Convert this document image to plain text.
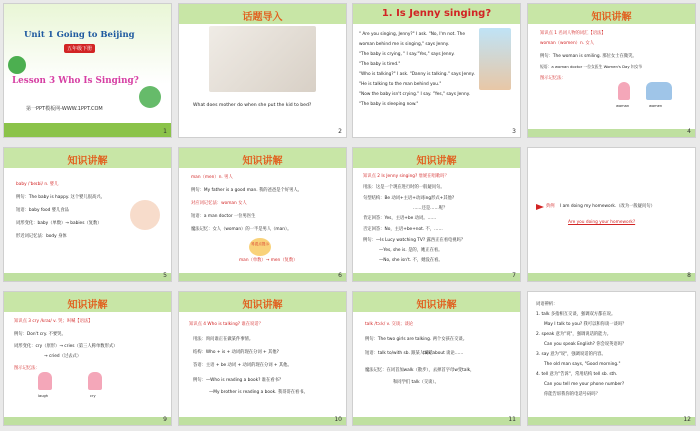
Unit 1 Going to Beijing
五年级下册
Lesson 3 Who Is Singing?
第一PPT模板网-WWW.1PPT.COM
1
话题导入
What does mother do when she put the kid to bed?
2
1. Is Jenny singing?
" Are you singing, Jenny?" I ask. "No, I'm not. The
woman behind me is singing," says Jenny.
"The baby is crying, " I say."Yes," says Jenny.
"The baby is tired."
"Who is talking?" I ask. "Danny is talking." says Jenny.
"He is talking to the man behind you."
"Now the baby isn't crying." I say. "Yes," says Jenny.
"The baby is sleeping now."
3
知识讲解
知识点 1 名词人物的词汇【语法】
woman（women）n. 女人
例句：The woman is smiling. 那位女士在微笑。
短语：a woman doctor 一位女医生 Women's Day 妇女节
图示记忆法：
woman	women
4
知识讲解
baby /ˈbeɪbi/ n. 婴儿
例句：The baby is happy. 这个婴儿很高兴。
短语：baby food 婴儿食品
词形变化：baby（单数）→ babies（复数）
形近词记忆法：body 身体
5
知识讲解
man（men）n. 男人
例句：My father is a good man. 我的爸爸是个好男人。
对应词记忆法：woman 女人
短语：a man doctor 一位男医生
魔法记忆：女人（woman）的一半是男人（man）。
易混点提示
man（单数）→ men（复数）
6
知识讲解
知识点 2 Is Jenny singing? 詹妮在唱歌吗？
用法：这是一个现在进行时的一般疑问句。
句型结构：Be 动词+主语+动词ing形式+其他?
……还是……呢？
肯定回答：Yes，主语+be 动词。……
否定回答：No，主语+be+not. 不，……
例句：—Is Lucy watching TV? 露西正在看电视吗？
—Yes, she is. 是的，她正在看。
—No, she isn't. 不，她没在看。
7
典例 I am doing my homework.（改为一般疑问句）
Are you doing your homework?
8
知识讲解
知识点 3 cry /kraɪ/ v. 哭；叫喊【语法】
例句：Don't cry. 不要哭。
词形变化：cry（原形）→ cries（第三人称单数形式）
→ cried（过去式）
图示记忆法：
laugh	cry
9
知识讲解
知识点 4 Who is talking? 谁在说话？
用法：询问谁正在做某件事情。
结构：Who + is + 动词的现在分词 + 其他?
答语：主语 + be 动词 + 动词的现在分词 + 其他。
例句：—Who is reading a book? 谁在看书？
—My brother is reading a book. 我哥哥在看书。
10
知识讲解
talk /tɔːk/ v. 交谈；谈论
例句：The two girls are talking. 两个女孩在交谈。
短语：talk to/with sb. 跟某人说话
talk about 谈论……
魔法记忆：在词首加walk（散步），去掉首字母w变talk，
和同学们 talk（交谈）。
11
词语辨析：
1. talk 多指相互交谈，强调双方都在说。
May I talk to you? 我可以和你谈一谈吗？
2. speak 意为"说"，强调说话的能力。
Can you speak English? 你会说英语吗？
3. say 意为"说"，强调说话的内容。
The old man says, "Good morning."
4. tell 意为"告诉"，常用结构 tell sb. sth.
Can you tell me your phone number?
你能告诉我你的电话号码吗？
12
